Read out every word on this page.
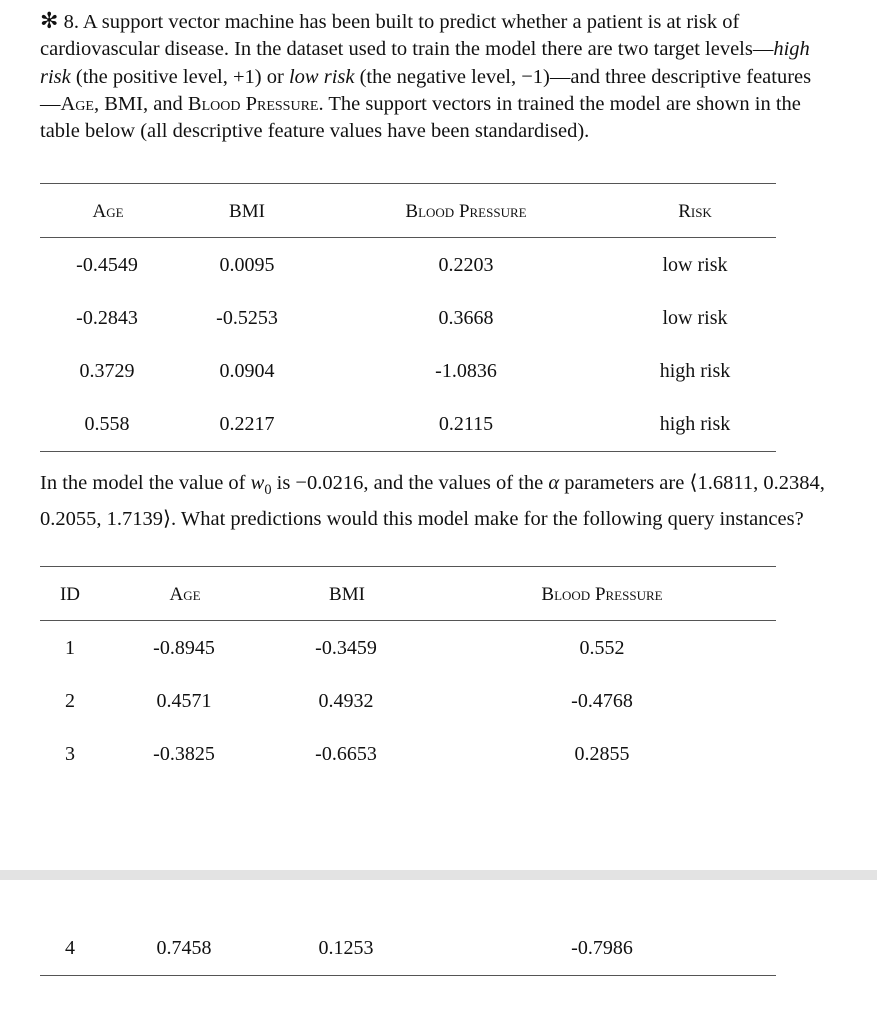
✻ 8. A support vector machine has been built to predict whether a patient is at risk of cardiovascular disease. In the dataset used to train the model there are two target levels—high risk (the positive level, +1) or low risk (the negative level, −1)—and three descriptive features—Age, BMI, and Blood Pressure. The support vectors in trained the model are shown in the table below (all descriptive feature values have been standardised).

Age	BMI	Blood Pressure	Risk
-0.4549	0.0095	0.2203	low risk
-0.2843	-0.5253	0.3668	low risk
0.3729	0.0904	-1.0836	high risk
0.558	0.2217	0.2115	high risk

In the model the value of $w_0$ is −0.0216, and the values of the α parameters are ⟨1.6811, 0.2384, 0.2055, 1.7139⟩. What predictions would this model make for the following query instances?

ID	Age	BMI	Blood Pressure
1	-0.8945	-0.3459	0.552
2	0.4571	0.4932	-0.4768
3	-0.3825	-0.6653	0.2855
4	0.7458	0.1253	-0.7986
